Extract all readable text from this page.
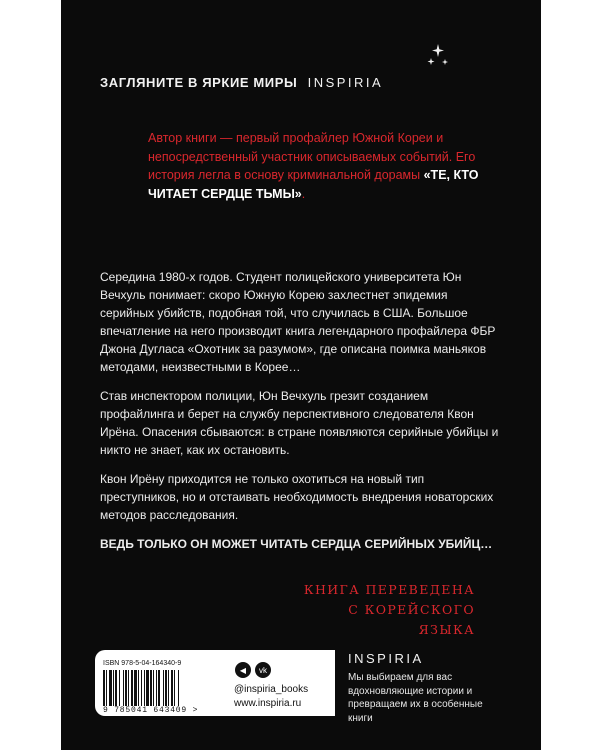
ЗАГЛЯНИТЕ В ЯРКИЕ МИРЫ INSPIRIA
Автор книги — первый профайлер Южной Кореи и непосредственный участник описываемых событий. Его история легла в основу криминальной дорамы «ТЕ, КТО ЧИТАЕТ СЕРДЦЕ ТЬМЫ».

Середина 1980-х годов. Студент полицейского университета Юн Вечхуль понимает: скоро Южную Корею захлестнет эпидемия серийных убийств, подобная той, что случилась в США. Большое впечатление на него производит книга легендарного профайлера ФБР Джона Дугласа «Охотник за разумом», где описана поимка маньяков методами, неизвестными в Корее…

Став инспектором полиции, Юн Вечхуль грезит созданием профайлинга и берет на службу перспективного следователя Квон Ирёна. Опасения сбываются: в стране появляются серийные убийцы и никто не знает, как их остановить.

Квон Ирёну приходится не только охотиться на новый тип преступников, но и отстаивать необходимость внедрения новаторских методов расследования.

ВЕДЬ ТОЛЬКО ОН МОЖЕТ ЧИТАТЬ СЕРДЦА СЕРИЙНЫХ УБИЙЦ…

КНИГА ПЕРЕВЕДЕНА
С КОРЕЙСКОГО ЯЗЫКА
ISBN 978-5-04-164340-9
9 785041 643409 >
◀	vk
@inspiria_books
www.inspiria.ru
INSPIRIA
Мы выбираем для вас вдохновляющие истории и превращаем их в особенные книги
